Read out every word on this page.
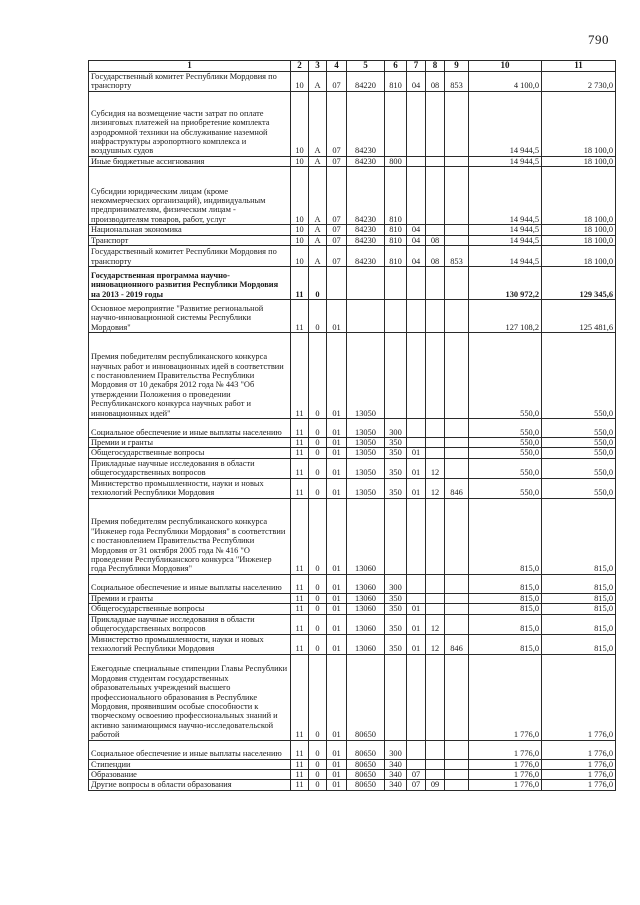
790
1	2	3	4	5	6	7	8	9	10	11
Государственный комитет Республики Мордовия по транспорту	10	А	07	84220	810	04	08	853	4 100,0	2 730,0
Субсидия на возмещение части затрат по оплате лизинговых платежей на приобретение комплекта аэродромной техники на обслуживание наземной инфраструктуры аэропортного комплекса и воздушных судов	10	А	07	84230					14 944,5	18 100,0
Иные бюджетные ассигнования	10	А	07	84230	800				14 944,5	18 100,0
Субсидии юридическим лицам (кроме некоммерческих организаций), индивидуальным предпринимателям, физическим лицам - производителям товаров, работ, услуг	10	А	07	84230	810				14 944,5	18 100,0
Национальная экономика	10	А	07	84230	810	04			14 944,5	18 100,0
Транспорт	10	А	07	84230	810	04	08		14 944,5	18 100,0
Государственный комитет Республики Мордовия по транспорту	10	А	07	84230	810	04	08	853	14 944,5	18 100,0
Государственная программа научно-инновационного развития Республики Мордовия на 2013 - 2019 годы	11	0							130 972,2	129 345,6
Основное мероприятие "Развитие региональной научно-инновационной системы Республики Мордовия"	11	0	01						127 108,2	125 481,6
Премия победителям республиканского конкурса научных работ и инновационных идей в соответствии с постановлением Правительства Республики Мордовия от 10 декабря 2012 года № 443 "Об утверждении Положения о проведении Республиканского конкурса научных работ и инновационных идей"	11	0	01	13050					550,0	550,0
Социальное обеспечение и иные выплаты населению	11	0	01	13050	300				550,0	550,0
Премии и гранты	11	0	01	13050	350				550,0	550,0
Общегосударственные вопросы	11	0	01	13050	350	01			550,0	550,0
Прикладные научные исследования в области общегосударственных вопросов	11	0	01	13050	350	01	12		550,0	550,0
Министерство промышленности, науки и новых технологий Республики Мордовия	11	0	01	13050	350	01	12	846	550,0	550,0
Премия победителям республиканского конкурса "Инженер года Республики Мордовия" в соответствии с постановлением Правительства Республики Мордовия от 31 октября 2005 года № 416 "О проведении Республиканского конкурса "Инженер года Республики Мордовия"	11	0	01	13060					815,0	815,0
Социальное обеспечение и иные выплаты населению	11	0	01	13060	300				815,0	815,0
Премии и гранты	11	0	01	13060	350				815,0	815,0
Общегосударственные вопросы	11	0	01	13060	350	01			815,0	815,0
Прикладные научные исследования в области общегосударственных вопросов	11	0	01	13060	350	01	12		815,0	815,0
Министерство промышленности, науки и новых технологий Республики Мордовия	11	0	01	13060	350	01	12	846	815,0	815,0
Ежегодные специальные стипендии Главы Республики Мордовия студентам государственных образовательных учреждений высшего профессионального образования в Республике Мордовия, проявившим особые способности к творческому освоению профессиональных знаний и активно занимающимся научно-исследовательской работой	11	0	01	80650					1 776,0	1 776,0
Социальное обеспечение и иные выплаты населению	11	0	01	80650	300				1 776,0	1 776,0
Стипендии	11	0	01	80650	340				1 776,0	1 776,0
Образование	11	0	01	80650	340	07			1 776,0	1 776,0
Другие вопросы в области образования	11	0	01	80650	340	07	09		1 776,0	1 776,0
